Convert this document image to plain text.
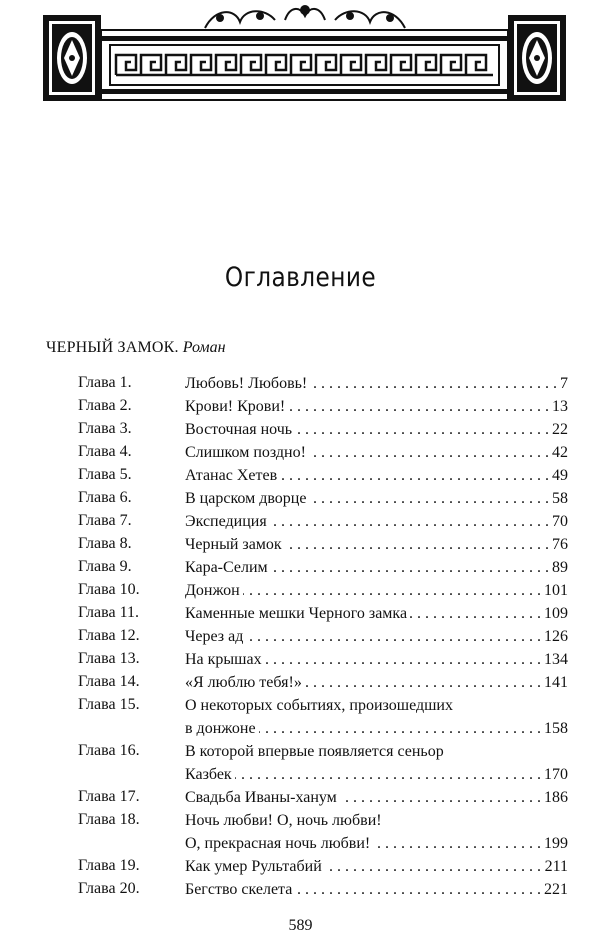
Оглавление
ЧЕРНЫЙ ЗАМОК. Роман
Глава 1.	. . . Любовь! Любовь!	7
Глава 2.	. . . Крови! Крови!	13
Глава 3.	. . . Восточная ночь	22
Глава 4.	. . . Слишком поздно!	42
Глава 5.	. . . Атанас Хетев	49
Глава 6.	. . . В царском дворце	58
Глава 7.	. . . Экспедиция	70
Глава 8.	. . . Черный замок	76
Глава 9.	. . . Кара-Селим	89
Глава 10.	. . . Донжон	101
Глава 11.	. . . Каменные мешки Черного замка	109
Глава 12.	. . . Через ад	126
Глава 13.	. . . На крышах	134
Глава 14.	. . . «Я люблю тебя!»	141
Глава 15.	О некоторых событиях, произошедших
. . . в донжоне	158
Глава 16.	В которой впервые появляется сеньор
. . . Казбек	170
Глава 17.	. . . Свадьба Иваны-ханум	186
Глава 18.	Ночь любви! О, ночь любви!
. . . О, прекрасная ночь любви!	199
Глава 19.	. . . Как умер Рультабий	211
Глава 20.	. . . Бегство скелета	221
589
